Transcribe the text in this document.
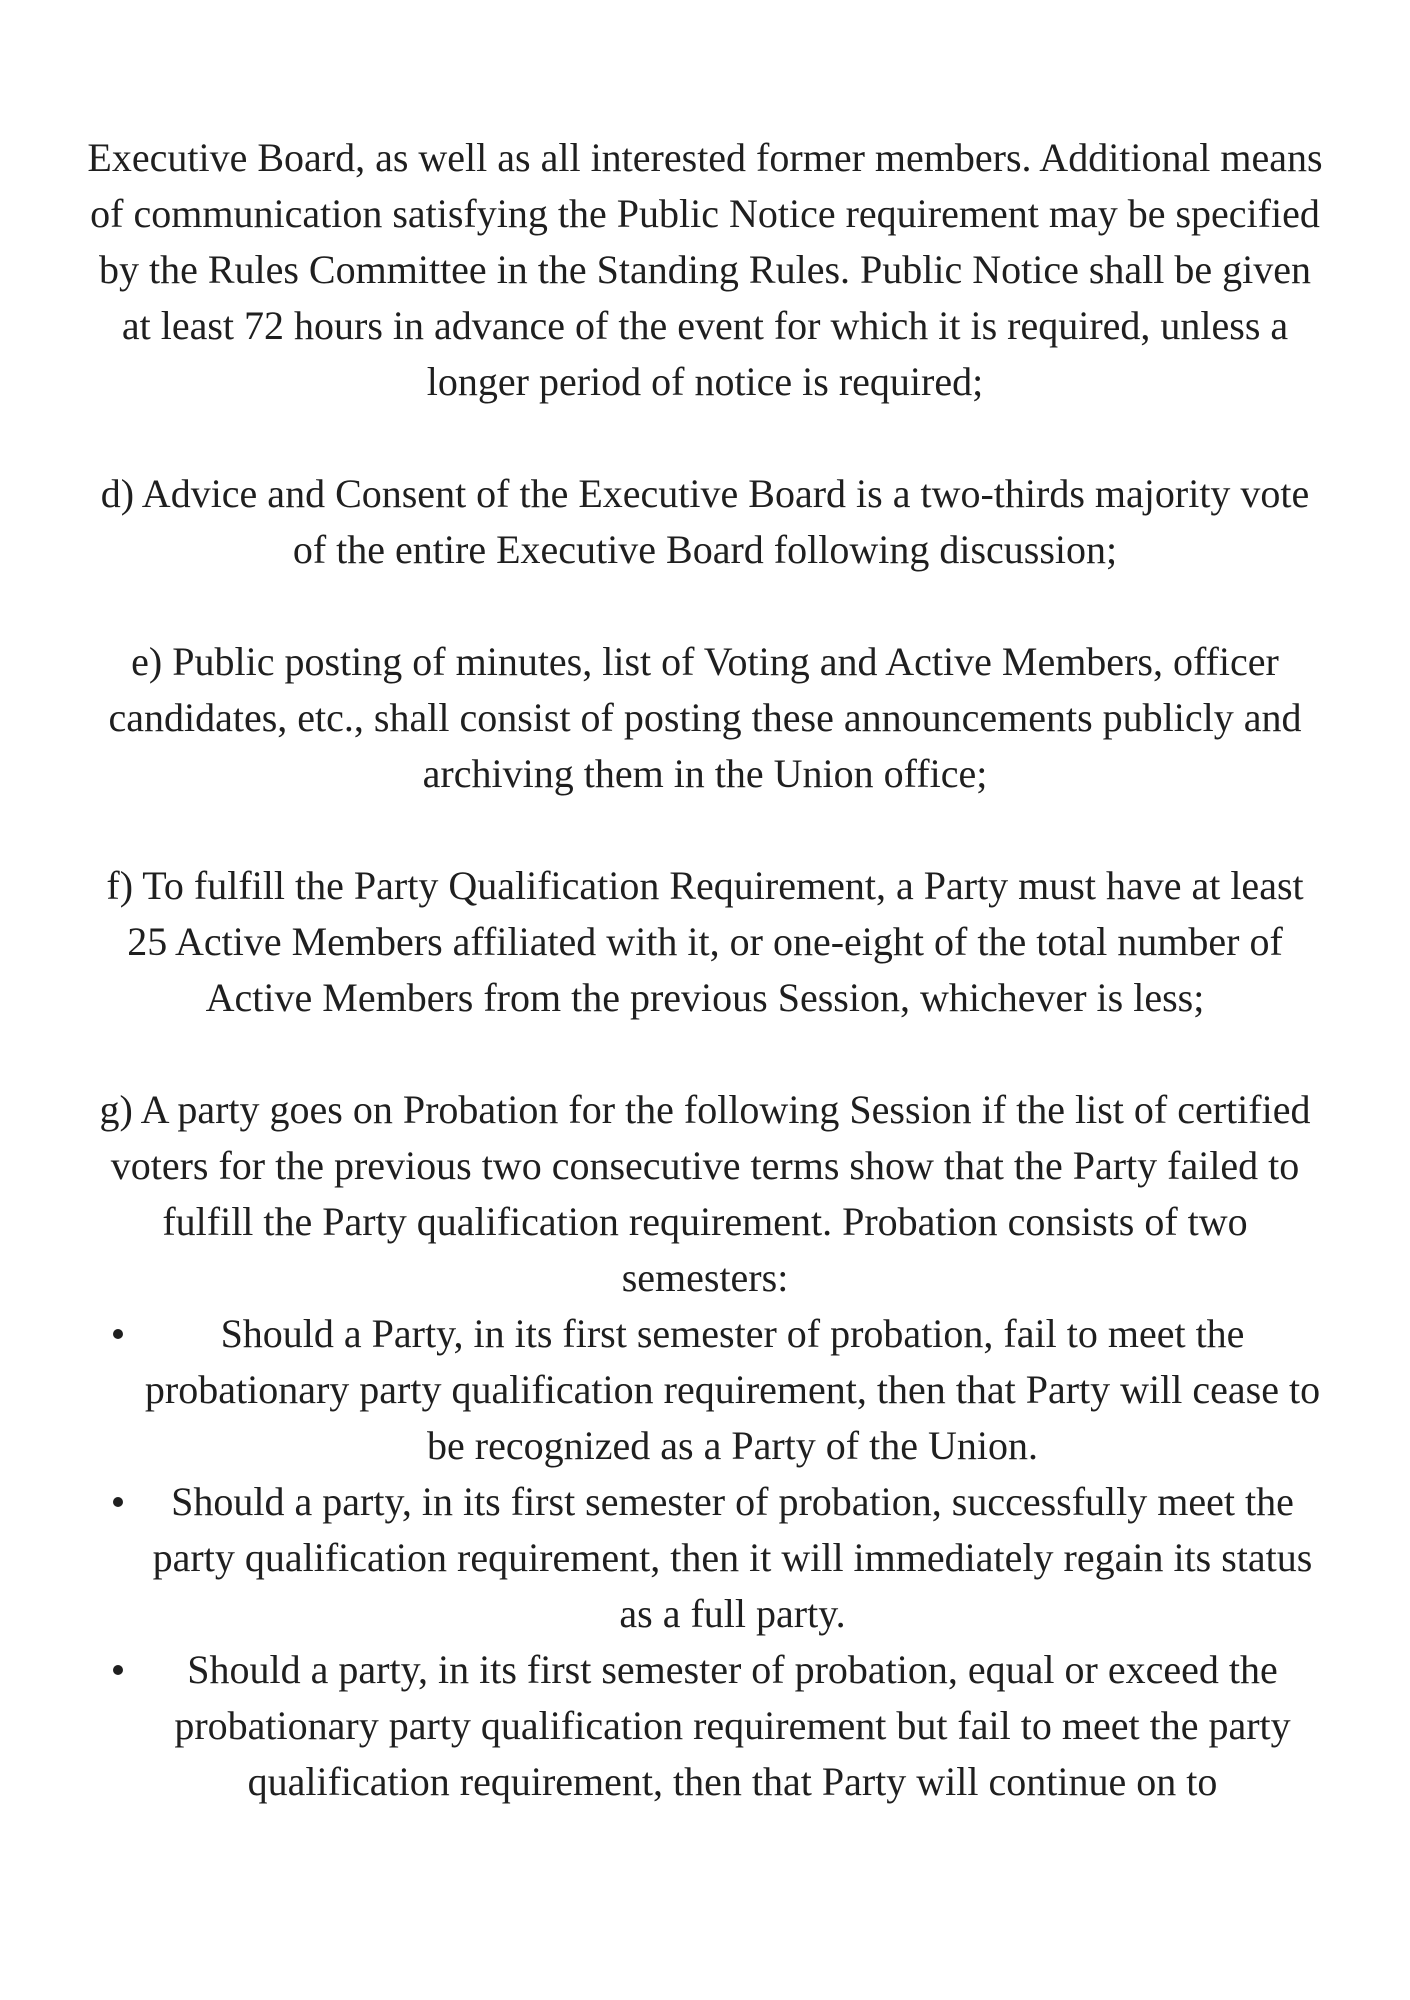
Executive Board, as well as all interested former members. Additional means of communication satisfying the Public Notice requirement may be specified by the Rules Committee in the Standing Rules. Public Notice shall be given at least 72 hours in advance of the event for which it is required, unless a longer period of notice is required;

d) Advice and Consent of the Executive Board is a two-thirds majority vote of the entire Executive Board following discussion;

e) Public posting of minutes, list of Voting and Active Members, officer candidates, etc., shall consist of posting these announcements publicly and archiving them in the Union office;

f) To fulfill the Party Qualification Requirement, a Party must have at least 25 Active Members affiliated with it, or one-eight of the total number of Active Members from the previous Session, whichever is less;

g) A party goes on Probation for the following Session if the list of certified voters for the previous two consecutive terms show that the Party failed to fulfill the Party qualification requirement. Probation consists of two semesters:

Should a Party, in its first semester of probation, fail to meet the probationary party qualification requirement, then that Party will cease to be recognized as a Party of the Union.
Should a party, in its first semester of probation, successfully meet the party qualification requirement, then it will immediately regain its status as a full party.
Should a party, in its first semester of probation, equal or exceed the probationary party qualification requirement but fail to meet the party qualification requirement, then that Party will continue on to
